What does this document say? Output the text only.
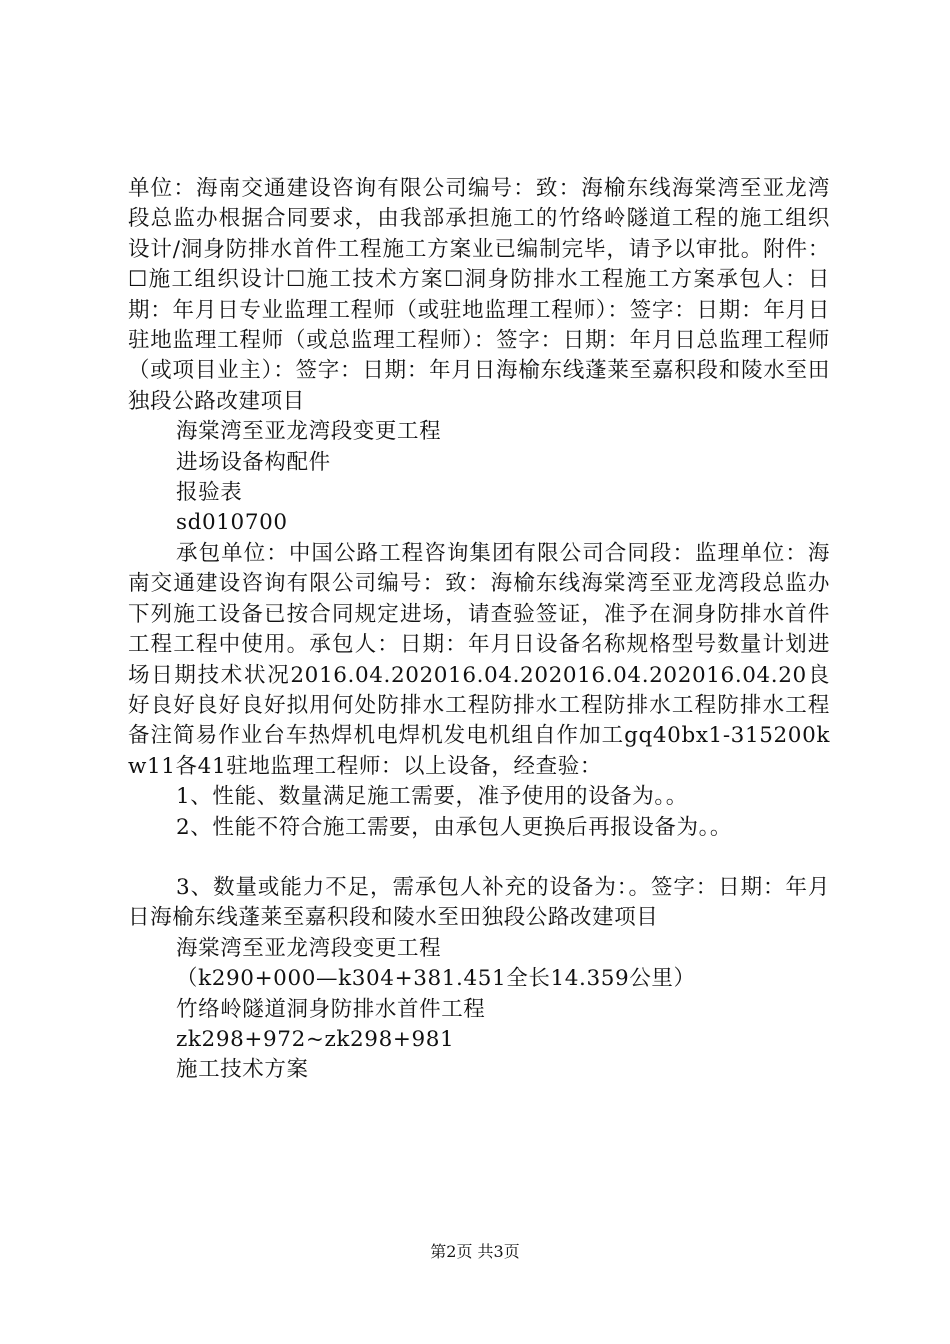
单位：海南交通建设咨询有限公司编号：致：海榆东线海棠湾至亚龙湾段总监办根据合同要求，由我部承担施工的竹络岭隧道工程的施工组织设计/洞身防排水首件工程施工方案业已编制完毕，请予以审批。附件：☐施工组织设计☐施工技术方案☐洞身防排水工程施工方案承包人：日期：年月日专业监理工程师（或驻地监理工程师）：签字：日期：年月日驻地监理工程师（或总监理工程师）：签字：日期：年月日总监理工程师（或项目业主）：签字：日期：年月日海榆东线蓬莱至嘉积段和陵水至田独段公路改建项目

海棠湾至亚龙湾段变更工程

进场设备构配件

报验表

sd010700

承包单位：中国公路工程咨询集团有限公司合同段：监理单位：海南交通建设咨询有限公司编号：致：海榆东线海棠湾至亚龙湾段总监办下列施工设备已按合同规定进场，请查验签证，准予在洞身防排水首件工程工程中使用。承包人：日期：年月日设备名称规格型号数量计划进场日期技术状况2016.04.202016.04.202016.04.202016.04.20良好良好良好良好拟用何处防排水工程防排水工程防排水工程防排水工程备注简易作业台车热焊机电焊机发电机组自作加工gq40bx1-315200kw11各41驻地监理工程师：以上设备，经查验：

1、性能、数量满足施工需要，准予使用的设备为。。

2、性能不符合施工需要，由承包人更换后再报设备为。。

3、数量或能力不足，需承包人补充的设备为：。签字：日期：年月日海榆东线蓬莱至嘉积段和陵水至田独段公路改建项目

海棠湾至亚龙湾段变更工程

（k290+000—k304+381.451全长14.359公里）

竹络岭隧道洞身防排水首件工程

zk298+972~zk298+981

施工技术方案

第2页 共3页
